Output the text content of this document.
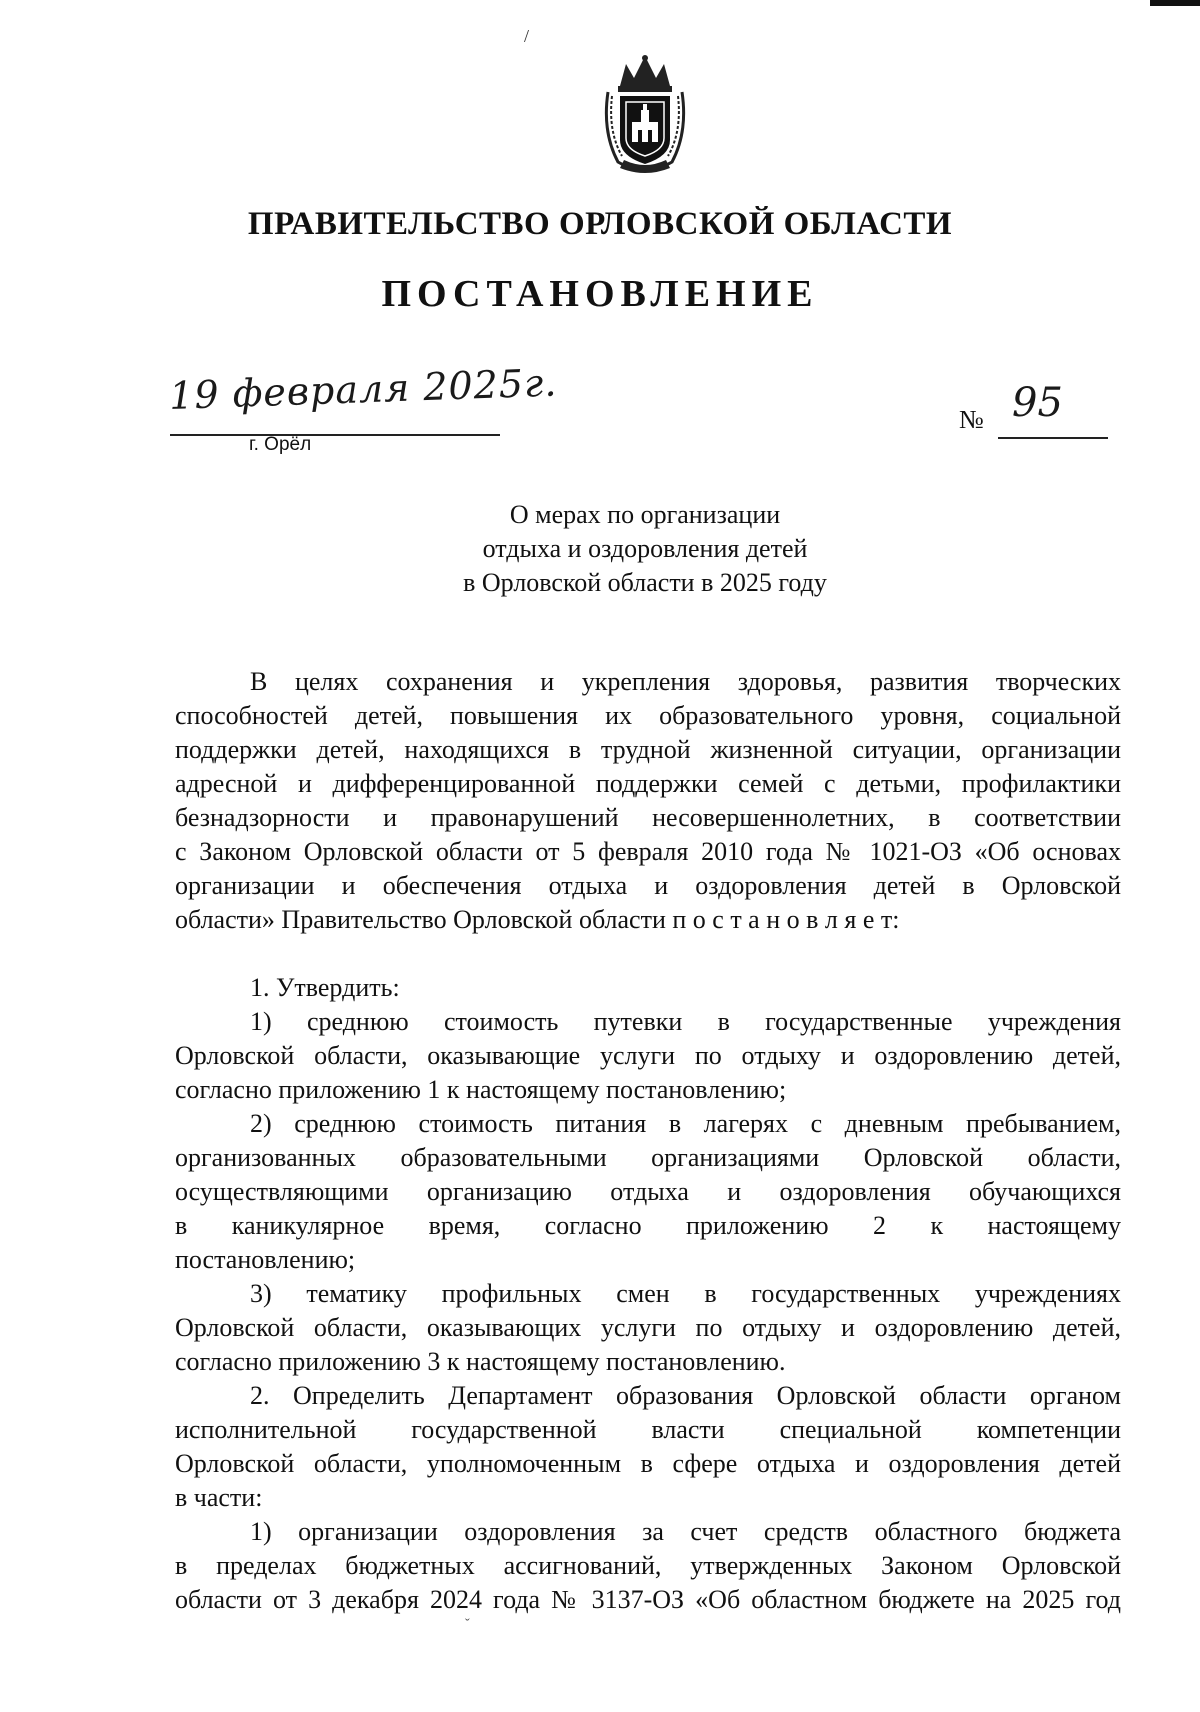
/
ПРАВИТЕЛЬСТВО ОРЛОВСКОЙ ОБЛАСТИ
ПОСТАНОВЛЕНИЕ
19 февраля 2025г.
г. Орёл
№ 95
О мерах по организации
отдыха и оздоровления детей
в Орловской области в 2025 году
В целях сохранения и укрепления здоровья, развития творческих
способностей детей, повышения их образовательного уровня, социальной
поддержки детей, находящихся в трудной жизненной ситуации, организации
адресной и дифференцированной поддержки семей с детьми, профилактики
безнадзорности и правонарушений несовершеннолетних, в соответствии
с Законом Орловской области от 5 февраля 2010 года № 1021-ОЗ «Об основах
организации и обеспечения отдыха и оздоровления детей в Орловской
области» Правительство Орловской области п о с т а н о в л я е т:
1. Утвердить:
1) среднюю стоимость путевки в государственные учреждения
Орловской области, оказывающие услуги по отдыху и оздоровлению детей,
согласно приложению 1 к настоящему постановлению;
2) среднюю стоимость питания в лагерях с дневным пребыванием,
организованных образовательными организациями Орловской области,
осуществляющими организацию отдыха и оздоровления обучающихся
в каникулярное время, согласно приложению 2 к настоящему
постановлению;
3) тематику профильных смен в государственных учреждениях
Орловской области, оказывающих услуги по отдыху и оздоровлению детей,
согласно приложению 3 к настоящему постановлению.
2. Определить Департамент образования Орловской области органом
исполнительной государственной власти специальной компетенции
Орловской области, уполномоченным в сфере отдыха и оздоровления детей
в части:
1) организации оздоровления за счет средств областного бюджета
в пределах бюджетных ассигнований, утвержденных Законом Орловской
области от 3 декабря 2024 года № 3137-ОЗ «Об областном бюджете на 2025 год
ˇ
